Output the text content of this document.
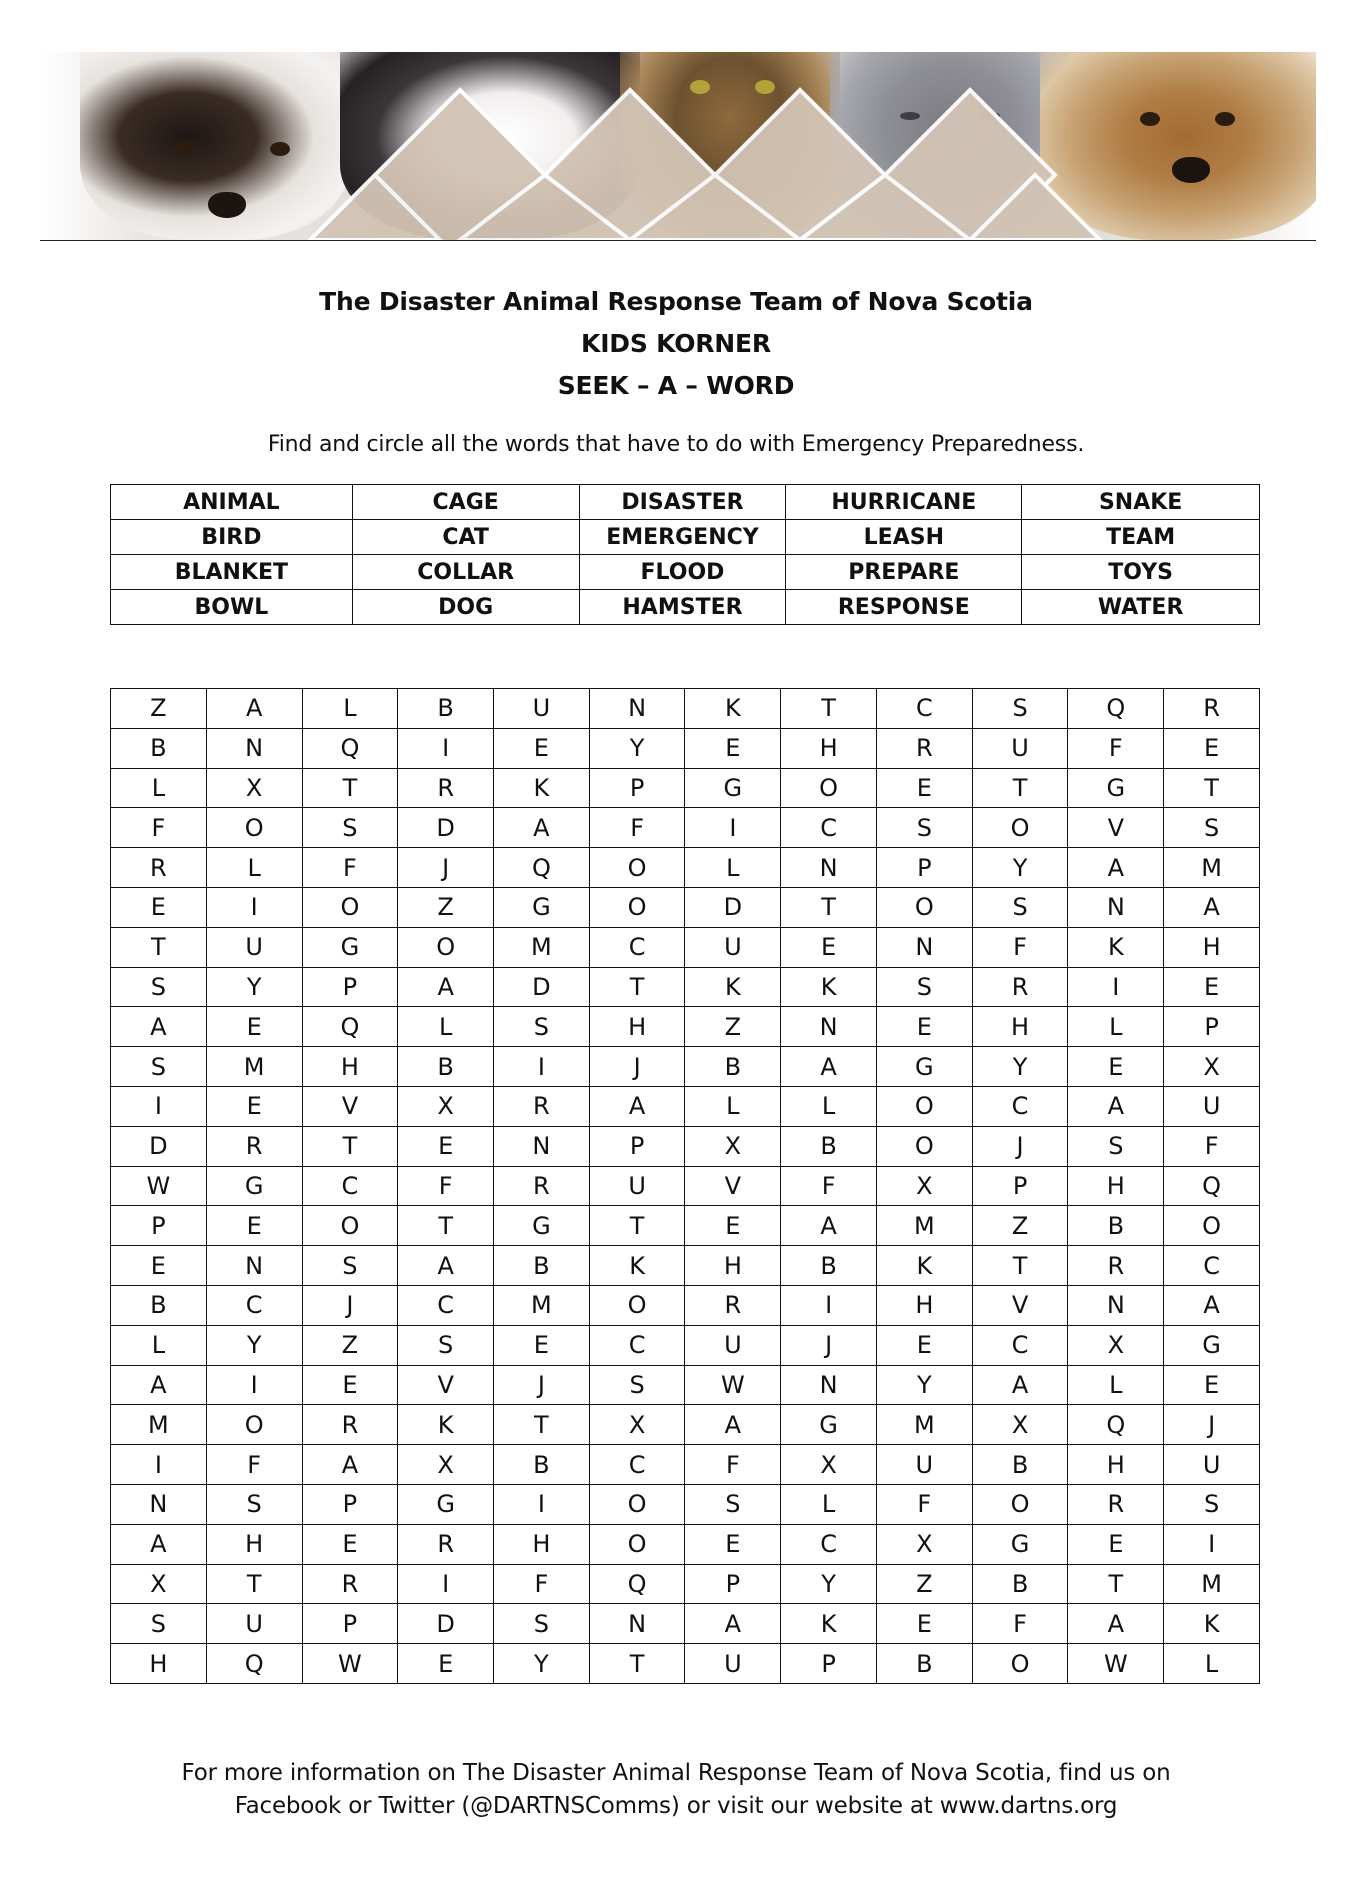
The Disaster Animal Response Team of Nova Scotia
KIDS KORNER
SEEK – A – WORD
Find and circle all the words that have to do with Emergency Preparedness.
ANIMAL	CAGE	DISASTER	HURRICANE	SNAKE
BIRD	CAT	EMERGENCY	LEASH	TEAM
BLANKET	COLLAR	FLOOD	PREPARE	TOYS
BOWL	DOG	HAMSTER	RESPONSE	WATER
Z	A	L	B	U	N	K	T	C	S	Q	R
B	N	Q	I	E	Y	E	H	R	U	F	E
L	X	T	R	K	P	G	O	E	T	G	T
F	O	S	D	A	F	I	C	S	O	V	S
R	L	F	J	Q	O	L	N	P	Y	A	M
E	I	O	Z	G	O	D	T	O	S	N	A
T	U	G	O	M	C	U	E	N	F	K	H
S	Y	P	A	D	T	K	K	S	R	I	E
A	E	Q	L	S	H	Z	N	E	H	L	P
S	M	H	B	I	J	B	A	G	Y	E	X
I	E	V	X	R	A	L	L	O	C	A	U
D	R	T	E	N	P	X	B	O	J	S	F
W	G	C	F	R	U	V	F	X	P	H	Q
P	E	O	T	G	T	E	A	M	Z	B	O
E	N	S	A	B	K	H	B	K	T	R	C
B	C	J	C	M	O	R	I	H	V	N	A
L	Y	Z	S	E	C	U	J	E	C	X	G
A	I	E	V	J	S	W	N	Y	A	L	E
M	O	R	K	T	X	A	G	M	X	Q	J
I	F	A	X	B	C	F	X	U	B	H	U
N	S	P	G	I	O	S	L	F	O	R	S
A	H	E	R	H	O	E	C	X	G	E	I
X	T	R	I	F	Q	P	Y	Z	B	T	M
S	U	P	D	S	N	A	K	E	F	A	K
H	Q	W	E	Y	T	U	P	B	O	W	L
For more information on The Disaster Animal Response Team of Nova Scotia, find us on
Facebook or Twitter (@DARTNSComms) or visit our website at www.dartns.org
